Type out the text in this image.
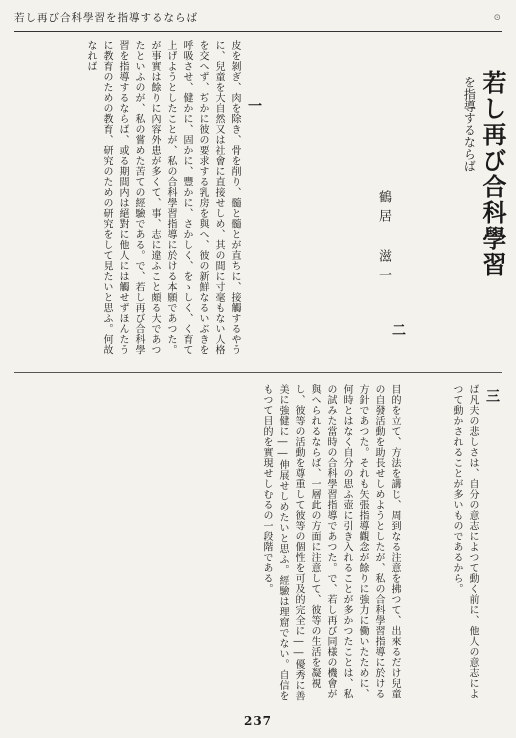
若し再び合科學習を指導するならば	⊙
若し再び合科學習
を指導するならば
鶴居 滋一
一
二
三
皮を剝ぎ、肉を除き、骨を削り、髓と髓とが直ちに、接觸するやうに、兒童を大自然又は社會に直接せしめ、其の間に寸毫もない人格を交へず、ぢかに彼の要求する乳房を與へ、彼の新鮮なるいぶきを呼吸させ、健かに、固かに、豐かに、さかしく、をゝしく、く育て上げようとしたことが、私の合科學習指導に於ける本願であつた。が事實は餘りに內容外患が多くて、事、志に違ふこと頗る大であつたといふのが、私の嘗めた苦ての經驗である。で、若し再び合科學習を指導するならば、或る期間内は絕對に他人には觸せずほんたうに教育のための教育、研究のための研究をして見たいと思ふ。何故なれば
ば凡夫の悲しさは、自分の意志によつて動く前に、他人の意志によつて動かされることが多いものであるから。
目的を立て、方法を講じ、周到なる注意を拂つて、出來るだけ兒童の自發活動を助長せしめようとしたが、私の合科學習指導に於ける方針であつた。それも矢張指導觀念が餘りに強力に働いたために、何時とはなく自分の思ふ壺に引き入れることが多かつたことは、私の試みた當時の合科學習指導であつた。で、若し再び同様の機會が與へられるならば、一層此の方面に注意して、彼等の生活を凝視し、彼等の活動を尊重して彼等の個性を可及的完全に――優秀に善美に強健に――伸展せしめたいと思ふ。經驗は理窟でない。自信をもつて目的を實現せしむるの一段階である。
237
